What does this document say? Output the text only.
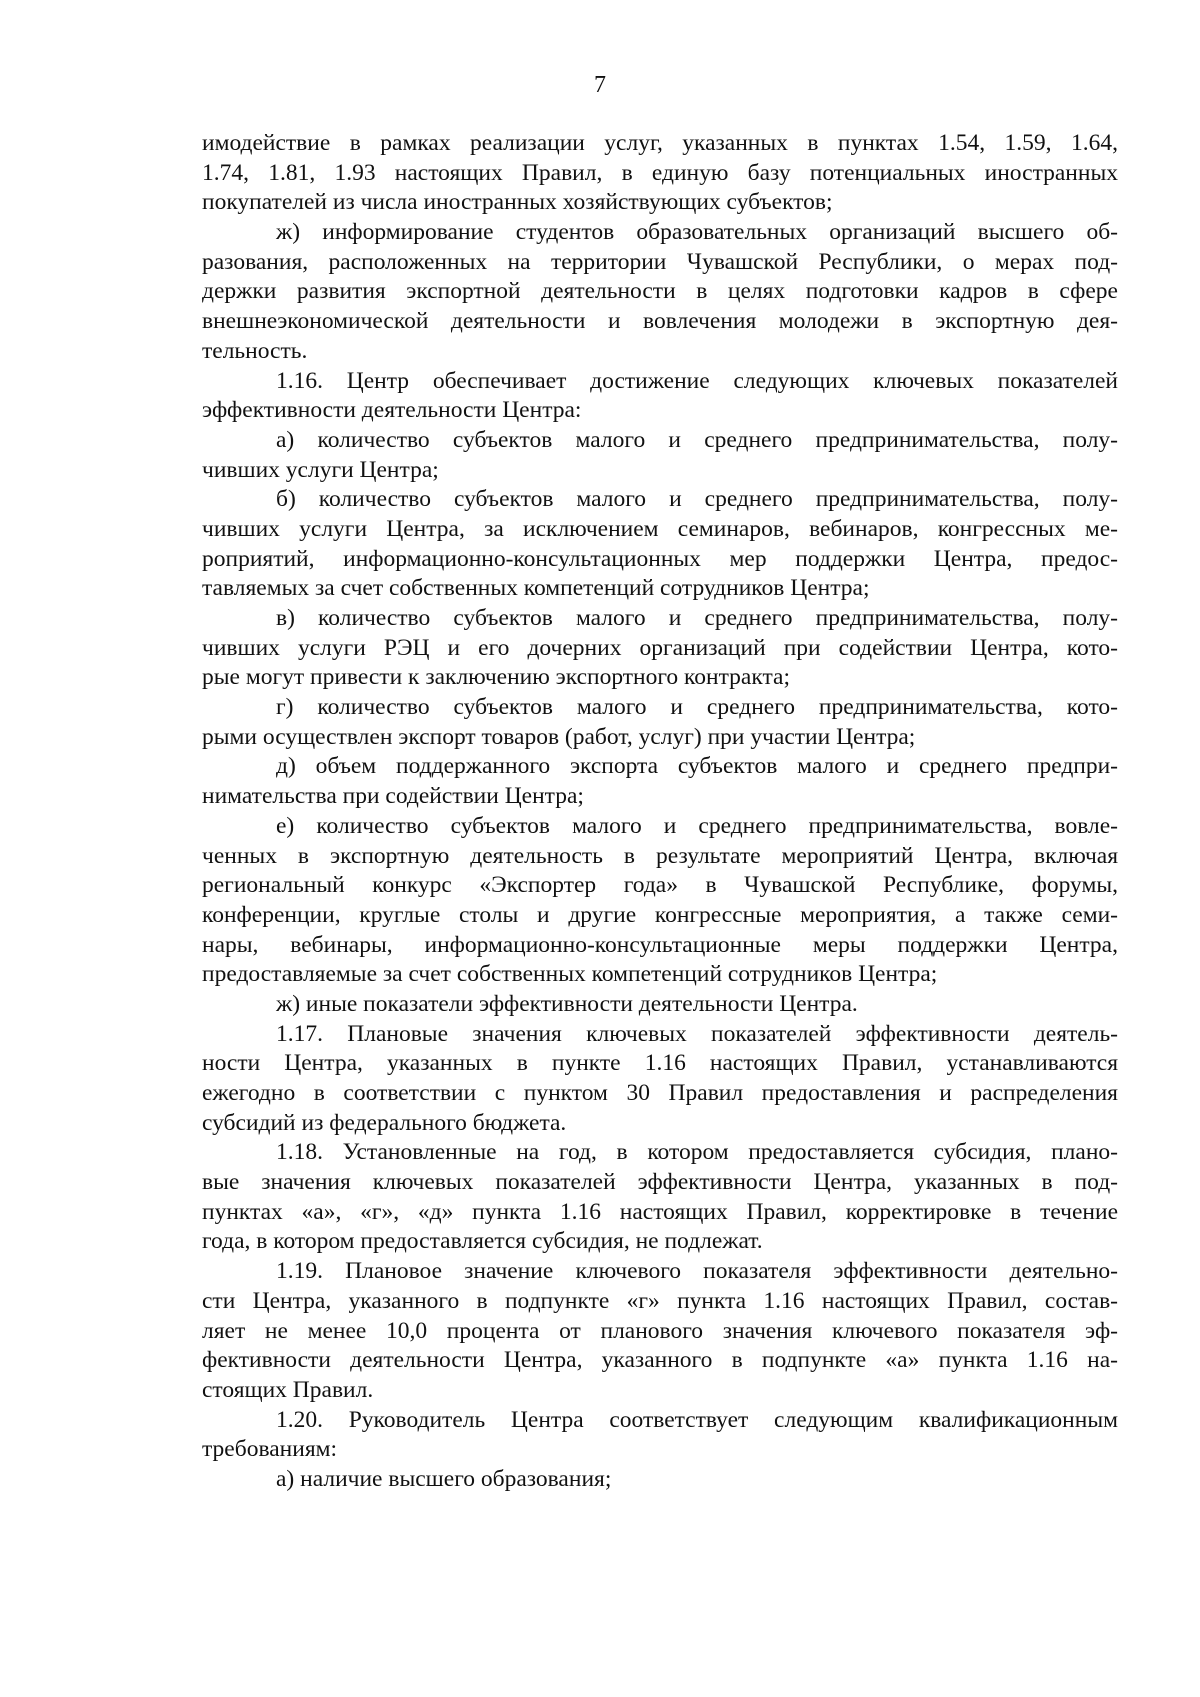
7
имодействие в рамках реализации услуг, указанных в пунктах 1.54, 1.59, 1.64,
1.74, 1.81, 1.93 настоящих Правил, в единую базу потенциальных иностранных
покупателей из числа иностранных хозяйствующих субъектов;
ж) информирование студентов образовательных организаций высшего об-
разования, расположенных на территории Чувашской Республики, о мерах под-
держки развития экспортной деятельности в целях подготовки кадров в сфере
внешнеэкономической деятельности и вовлечения молодежи в экспортную дея-
тельность.
1.16. Центр обеспечивает достижение следующих ключевых показателей
эффективности деятельности Центра:
а) количество субъектов малого и среднего предпринимательства, полу-
чивших услуги Центра;
б) количество субъектов малого и среднего предпринимательства, полу-
чивших услуги Центра, за исключением семинаров, вебинаров, конгрессных ме-
роприятий, информационно-консультационных мер поддержки Центра, предос-
тавляемых за счет собственных компетенций сотрудников Центра;
в) количество субъектов малого и среднего предпринимательства, полу-
чивших услуги РЭЦ и его дочерних организаций при содействии Центра, кото-
рые могут привести к заключению экспортного контракта;
г) количество субъектов малого и среднего предпринимательства, кото-
рыми осуществлен экспорт товаров (работ, услуг) при участии Центра;
д) объем поддержанного экспорта субъектов малого и среднего предпри-
нимательства при содействии Центра;
е) количество субъектов малого и среднего предпринимательства, вовле-
ченных в экспортную деятельность в результате мероприятий Центра, включая
региональный конкурс «Экспортер года» в Чувашской Республике, форумы,
конференции, круглые столы и другие конгрессные мероприятия, а также семи-
нары, вебинары, информационно-консультационные меры поддержки Центра,
предоставляемые за счет собственных компетенций сотрудников Центра;
ж) иные показатели эффективности деятельности Центра.
1.17. Плановые значения ключевых показателей эффективности деятель-
ности Центра, указанных в пункте 1.16 настоящих Правил, устанавливаются
ежегодно в соответствии с пунктом 30 Правил предоставления и распределения
субсидий из федерального бюджета.
1.18. Установленные на год, в котором предоставляется субсидия, плано-
вые значения ключевых показателей эффективности Центра, указанных в под-
пунктах «а», «г», «д» пункта 1.16 настоящих Правил, корректировке в течение
года, в котором предоставляется субсидия, не подлежат.
1.19. Плановое значение ключевого показателя эффективности деятельно-
сти Центра, указанного в подпункте «г» пункта 1.16 настоящих Правил, состав-
ляет не менее 10,0 процента от планового значения ключевого показателя эф-
фективности деятельности Центра, указанного в подпункте «а» пункта 1.16 на-
стоящих Правил.
1.20. Руководитель Центра соответствует следующим квалификационным
требованиям:
а) наличие высшего образования;
